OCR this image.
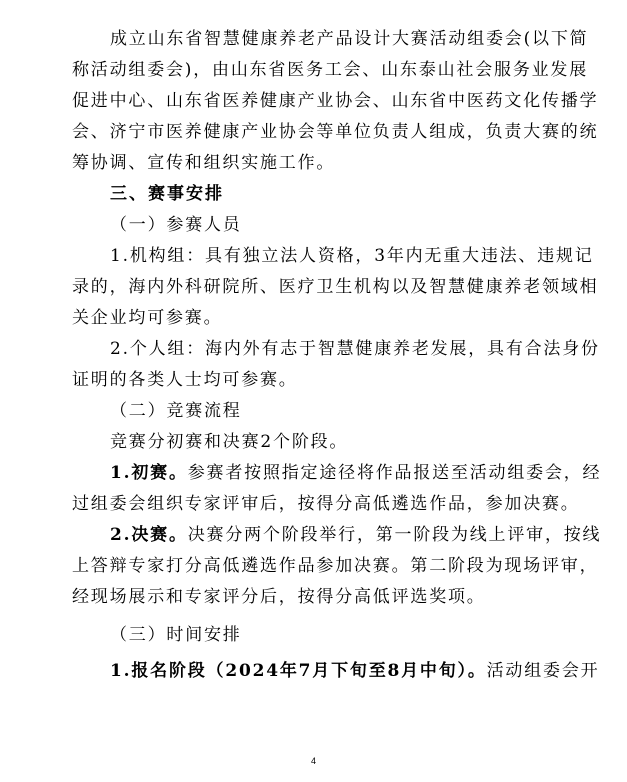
成立山东省智慧健康养老产品设计大赛活动组委会(以下简
称活动组委会)，由山东省医务工会、山东泰山社会服务业发展
促进中心、山东省医养健康产业协会、山东省中医药文化传播学
会、济宁市医养健康产业协会等单位负责人组成，负责大赛的统
筹协调、宣传和组织实施工作。
三、赛事安排
（一）参赛人员
1.机构组：具有独立法人资格，3年内无重大违法、违规记
录的，海内外科研院所、医疗卫生机构以及智慧健康养老领域相
关企业均可参赛。
2.个人组：海内外有志于智慧健康养老发展，具有合法身份
证明的各类人士均可参赛。
（二）竞赛流程
竞赛分初赛和决赛2个阶段。
1.初赛。参赛者按照指定途径将作品报送至活动组委会，经
过组委会组织专家评审后，按得分高低遴选作品，参加决赛。
2.决赛。决赛分两个阶段举行，第一阶段为线上评审，按线
上答辩专家打分高低遴选作品参加决赛。第二阶段为现场评审，
经现场展示和专家评分后，按得分高低评选奖项。
（三）时间安排
1.报名阶段（2024年7月下旬至8月中旬）。活动组委会开
4
